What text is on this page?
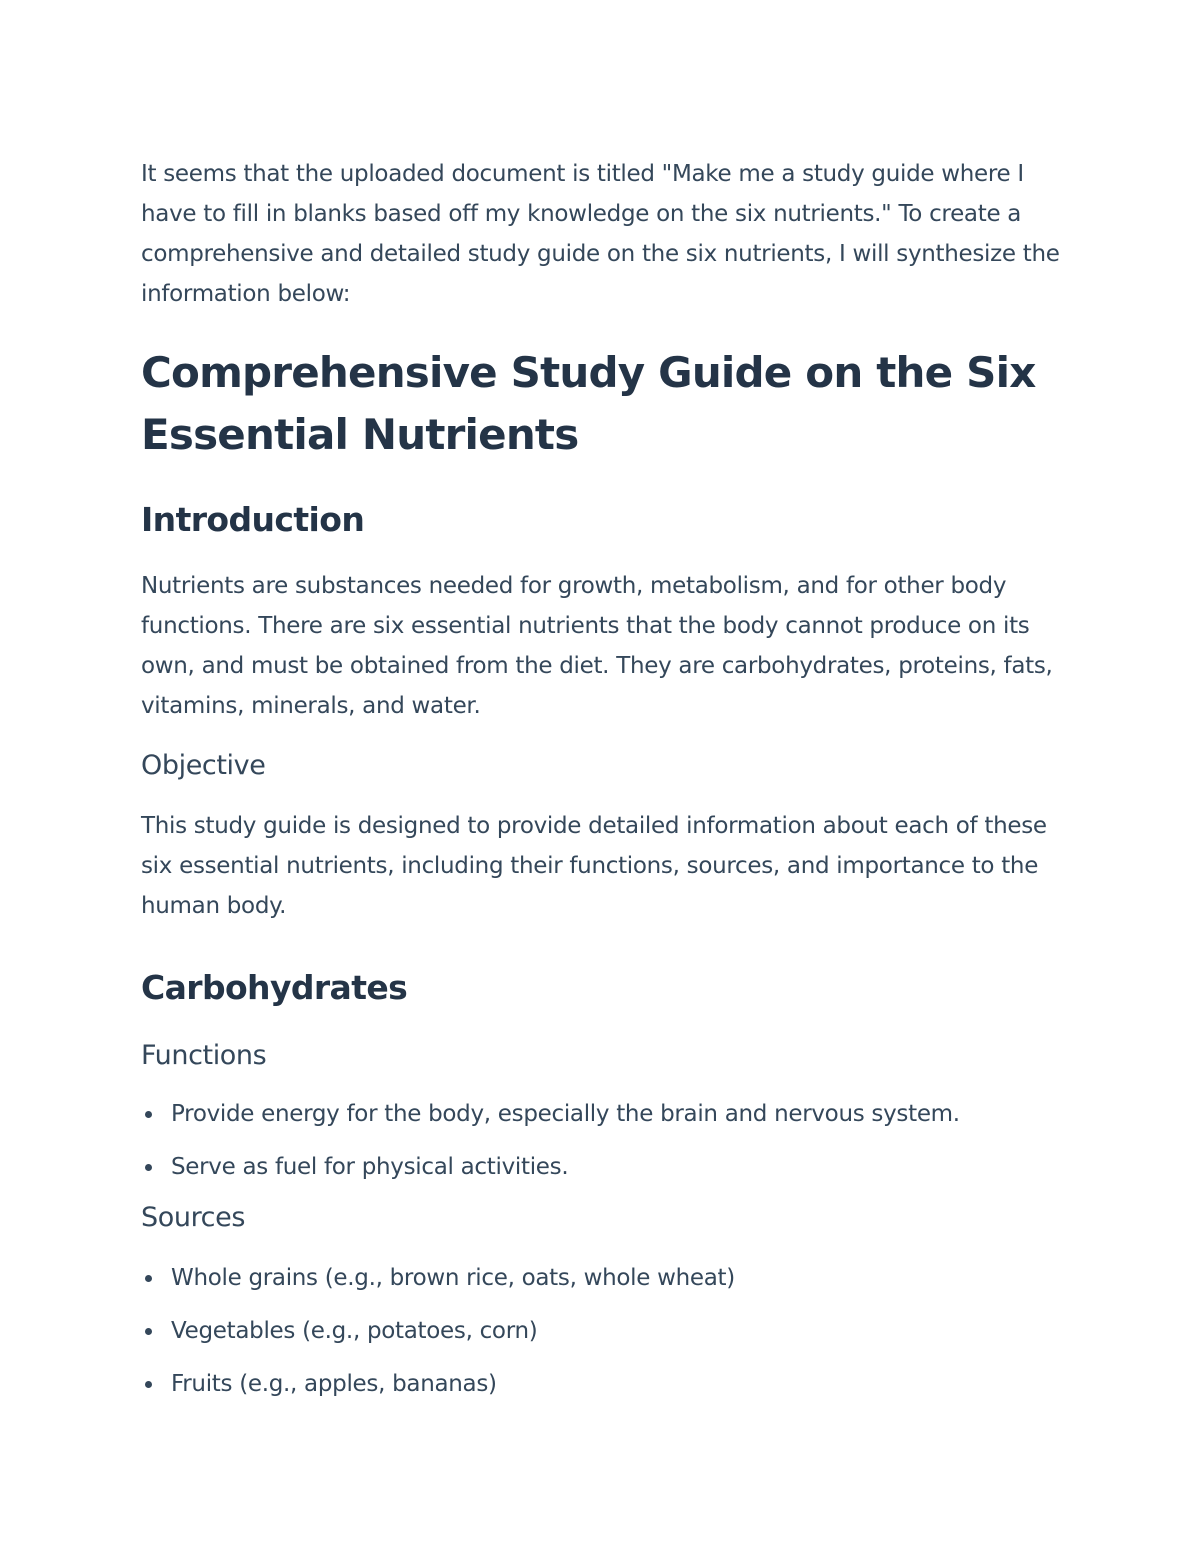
It seems that the uploaded document is titled "Make me a study guide where I have to fill in blanks based off my knowledge on the six nutrients." To create a comprehensive and detailed study guide on the six nutrients, I will synthesize the information below:

Comprehensive Study Guide on the Six Essential Nutrients
Introduction

Nutrients are substances needed for growth, metabolism, and for other body functions. There are six essential nutrients that the body cannot produce on its own, and must be obtained from the diet. They are carbohydrates, proteins, fats, vitamins, minerals, and water.

Objective

This study guide is designed to provide detailed information about each of these six essential nutrients, including their functions, sources, and importance to the human body.

Carbohydrates
Functions
Provide energy for the body, especially the brain and nervous system.
Serve as fuel for physical activities.
Sources
Whole grains (e.g., brown rice, oats, whole wheat)
Vegetables (e.g., potatoes, corn)
Fruits (e.g., apples, bananas)
